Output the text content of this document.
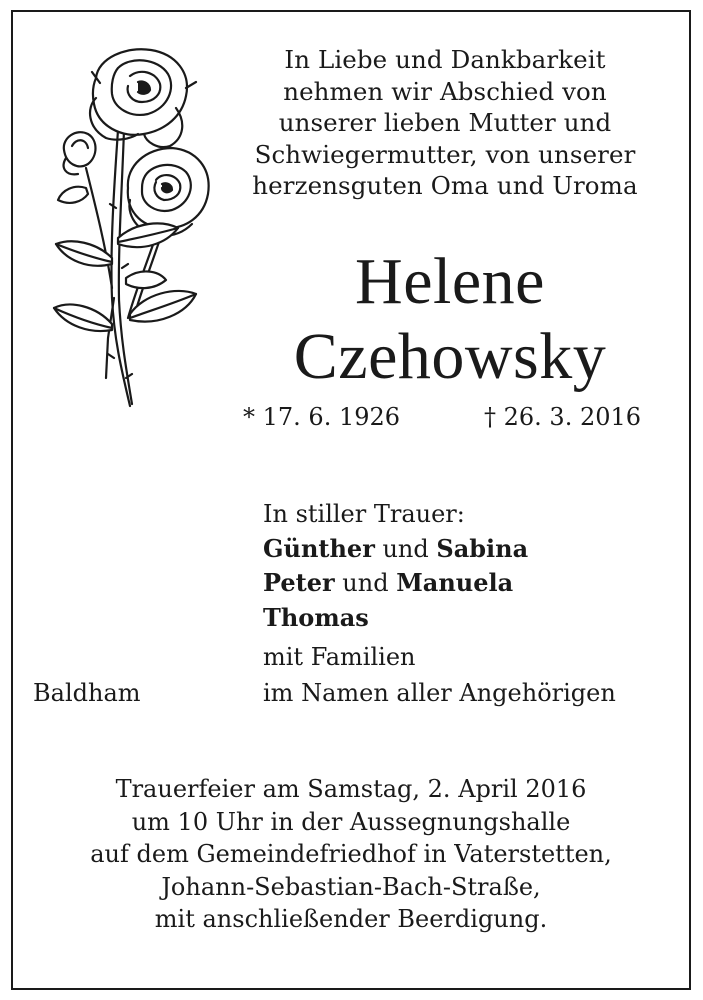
In Liebe und Dankbarkeit
nehmen wir Abschied von
unserer lieben Mutter und
Schwiegermutter, von unserer
herzensguten Oma und Uroma
Helene
Czehowsky
* 17. 6. 1926	† 26. 3. 2016
In stiller Trauer:
Günther und Sabina
Peter und Manuela
Thomas
mit Familien
im Namen aller Angehörigen
Baldham
Trauerfeier am Samstag, 2. April 2016
um 10 Uhr in der Aussegnungshalle
auf dem Gemeindefriedhof in Vaterstetten,
Johann-Sebastian-Bach-Straße,
mit anschließender Beerdigung.
